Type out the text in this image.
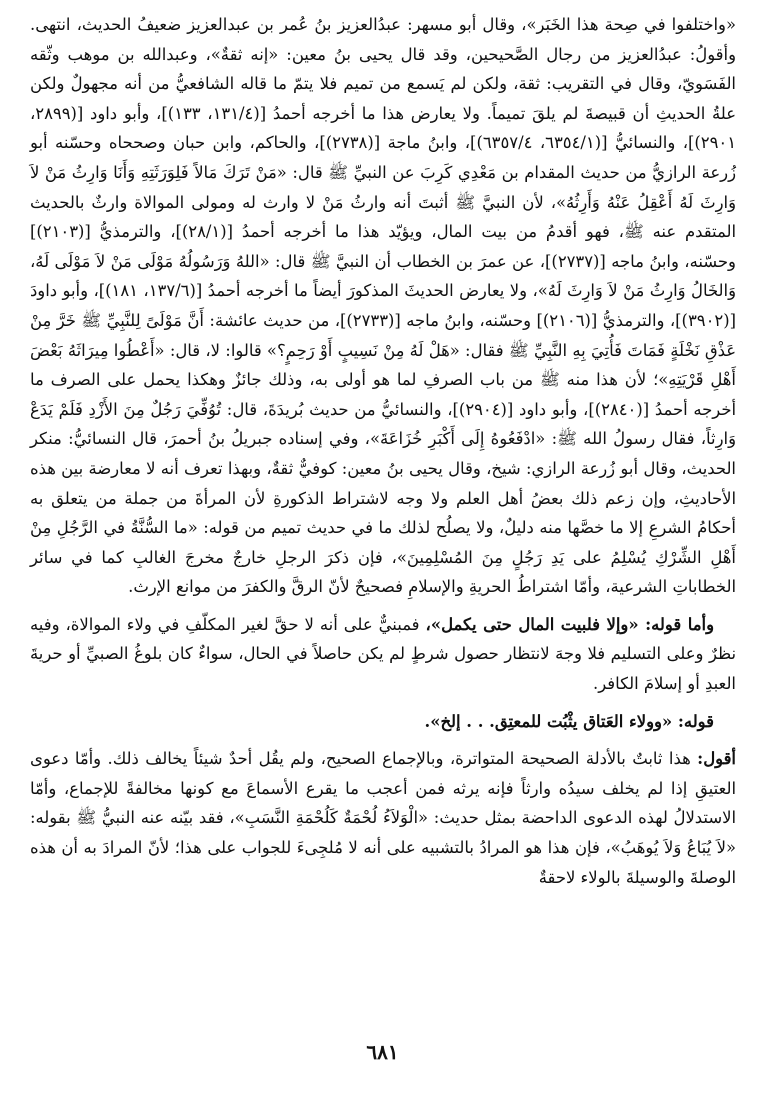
«واختلفوا في صِحة هذا الخَبَر»، وقال أبو مسهر: عبدُالعزيز بنُ عُمر بن عبدالعزيز ضعيفُ الحديث، انتهى. وأقولُ: عبدُالعزيز من رجال الصَّحيحين، وقد قال يحيى بنُ معين: «إنه ثقةٌ»، وعبدالله بن موهب وثّقه الفَسَويّ، وقال في التقريب: ثقة، ولكن لم يَسمع من تميم فلا يتمّ ما قاله الشافعيُّ من أنه مجهولٌ ولكن علةُ الحديثِ أن قبيصةَ لم يلقَ تميماً. ولا يعارض هذا ما أخرجه أحمدُ [(١٣١/٤، ١٣٣)]، وأبو داود [(٢٨٩٩، ٢٩٠١)]، والنسائيُّ [(٦٣٥٤/١، ٦٣٥٧/٤)]، وابنُ ماجة [(٢٧٣٨)]، والحاكم، وابن حبان وصححاه وحسّنه أبو زُرعة الرازيُّ من حديث المقدام بن مَعْدِي كَرِبَ عن النبيِّ ﷺ قال: «مَنْ تَرَكَ مَالاً فَلِوَرَثَتِهِ وَأَنَا وَارِثُ مَنْ لاَ وَارِثَ لَهُ أَعْقِلُ عَنْهُ وَأَرِثُهُ»، لأن النبيَّ ﷺ أثبتَ أنه وارثُ مَنْ لا وارث له ومولى الموالاة وارثٌ بالحديث المتقدم عنه ﷺ، فهو أقدمُ من بيت المال، ويؤيّد هذا ما أخرجه أحمدُ [(٢٨/١)]، والترمذيُّ [(٢١٠٣)] وحسّنه، وابنُ ماجه [(٢٧٣٧)]، عن عمرَ بن الخطاب أن النبيَّ ﷺ قال: «اللهُ وَرَسُولُهُ مَوْلَى مَنْ لاَ مَوْلَى لَهُ، وَالخَالُ وَارِثُ مَنْ لاَ وَارِثَ لَهُ»، ولا يعارض الحديثَ المذكورَ أيضاً ما أخرجه أحمدُ [(١٣٧/٦، ١٨١)]، وأبو داودَ [(٣٩٠٢)]، والترمذيُّ [(٢١٠٦)] وحسّنه، وابنُ ماجه [(٢٧٣٣)]، من حديث عائشة: أَنَّ مَوْلَىً لِلنَّبِيِّ ﷺ خَرَّ مِنْ عَذْقِ نَخْلَةٍ فَمَاتَ فَأُتِيَ بِهِ النَّبِيِّ ﷺ فقال: «هَلْ لَهُ مِنْ نَسِيبٍ أَوْ رَحِمٍ؟» قالوا: لا، قال: «أَعْطُوا مِيرَاثَهُ بَعْضَ أَهْلِ قَرْيَتِهِ»؛ لأن هذا منه ﷺ من باب الصرفِ لما هو أولى به، وذلك جائزٌ وهكذا يحمل على الصرف ما أخرجه أحمدُ [(٢٨٤٠)]، وأبو داود [(٢٩٠٤)]، والنسائيُّ من حديث بُريدَةَ، قال: تُوُفِّيَ رَجُلٌ مِنَ الأَزْدِ فَلَمْ يَدَعْ وَارِثاً، فقال رسولُ الله ﷺ: «ادْفَعُوهُ إِلَى أَكْبَرِ خُزَاعَةَ»، وفي إسناده جبريلُ بنُ أحمرَ، قال النسائيُّ: منكر الحديث، وقال أبو زُرعة الرازي: شيخ، وقال يحيى بنُ معين: كوفيٌّ ثقةٌ، وبهذا تعرف أنه لا معارضة بين هذه الأحاديثِ، وإن زعم ذلك بعضُ أهل العلم ولا وجه لاشتراط الذكورةِ لأن المرأةَ من جملة من يتعلق به أحكامُ الشرعِ إلا ما خصَّها منه دليلٌ، ولا يصلُح لذلك ما في حديث تميم من قوله: «ما السُّنَّةُ في الرَّجُلِ مِنْ أَهْلِ الشِّرْكِ يُسْلِمُ على يَدِ رَجُلٍ مِنَ المُسْلِمِينَ»، فإن ذكرَ الرجلِ خارجٌ مخرجَ الغالبِ كما في سائر الخطاباتِ الشرعية، وأمّا اشتراطُ الحريةِ والإسلامِ فصحيحٌ لأنّ الرقَّ والكفرَ من موانع الإرث.

وأما قوله: «وإلا فلبيت المال حتى يكمل»، فمبنيٌّ على أنه لا حقَّ لغير المكلّفِ في ولاء الموالاة، وفيه نظرٌ وعلى التسليم فلا وجهَ لانتظار حصول شرطٍ لم يكن حاصلاً في الحال، سواءٌ كان بلوغُ الصبيِّ أو حريةَ العبدِ أو إسلامَ الكافر.

قوله: «وولاء العَتاق يثْبُت للمعتِق. . . إلخ».

أقول: هذا ثابتٌ بالأدلة الصحيحة المتواترة، وبالإجماع الصحيح، ولم يقُل أحدٌ شيئاً يخالف ذلك. وأمّا دعوى العتيقِ إذا لم يخلف سيدُه وارثاً فإنه يرثه فمن أعجب ما يقرع الأسماعَ مع كونها مخالفةً للإجماع، وأمّا الاستدلالُ لهذه الدعوى الداحضة بمثل حديث: «الْوَلاَءُ لُحْمَةٌ كَلُحْمَةِ النَّسَبِ»، فقد بيّنه عنه النبيُّ ﷺ بقوله: «لاَ يُبَاعُ وَلاَ يُوهَبُ»، فإن هذا هو المرادُ بالتشبيه على أنه لا مُلجِىءَ للجواب على هذا؛ لأنّ المرادَ به أن هذه الوصلةَ والوسيلةَ بالولاء لاحقةٌ

٦٨١
